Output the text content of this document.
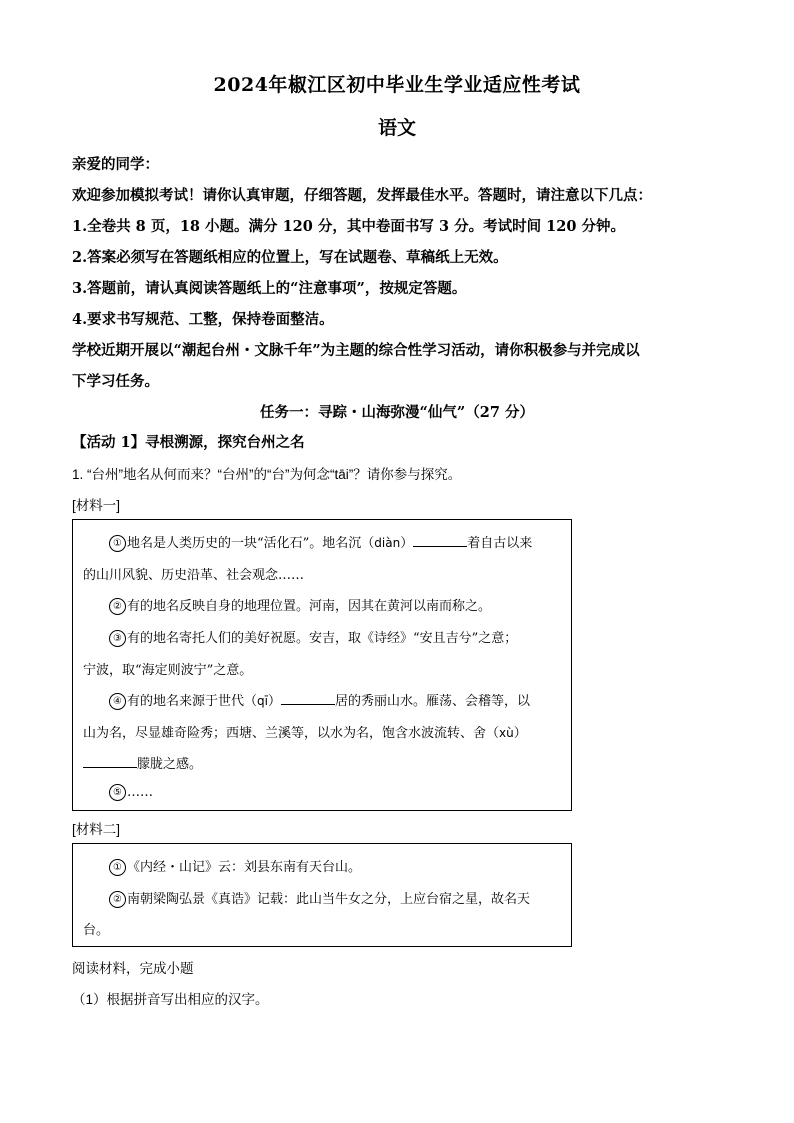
2024年椒江区初中毕业生学业适应性考试
语文
亲爱的同学：
欢迎参加模拟考试！请你认真审题，仔细答题，发挥最佳水平。答题时，请注意以下几点：
1.全卷共 8 页，18 小题。满分 120 分，其中卷面书写 3 分。考试时间 120 分钟。
2.答案必须写在答题纸相应的位置上，写在试题卷、草稿纸上无效。
3.答题前，请认真阅读答题纸上的“注意事项”，按规定答题。
4.要求书写规范、工整，保持卷面整洁。
学校近期开展以“潮起台州・文脉千年”为主题的综合性学习活动，请你积极参与并完成以
下学习任务。
任务一：寻踪・山海弥漫“仙气”（27 分）
【活动 1】寻根溯源，探究台州之名
1. “台州”地名从何而来？“台州”的“台”为何念“tāi”？请你参与探究。
[材料一]
① 地名是人类历史的一块“活化石”。地名沉（diàn）	着自古以来
的山川风貌、历史沿革、社会观念……
② 有的地名反映自身的地理位置。河南，因其在黄河以南而称之。
③ 有的地名寄托人们的美好祝愿。安吉，取《诗经》“安且吉兮”之意；
宁波，取“海定则波宁”之意。
④ 有的地名来源于世代（qī）	居的秀丽山水。雁荡、会稽等，以
山为名，尽显雄奇险秀；西塘、兰溪等，以水为名，饱含水波流转、舍（xù）
朦胧之感。
⑤ ……
[材料二]
① 《内经・山记》云：刘县东南有天台山。
② 南朝梁陶弘景《真诰》记载：此山当牛女之分，上应台宿之星，故名天
台。
阅读材料，完成小题
（1）根据拼音写出相应的汉字。
